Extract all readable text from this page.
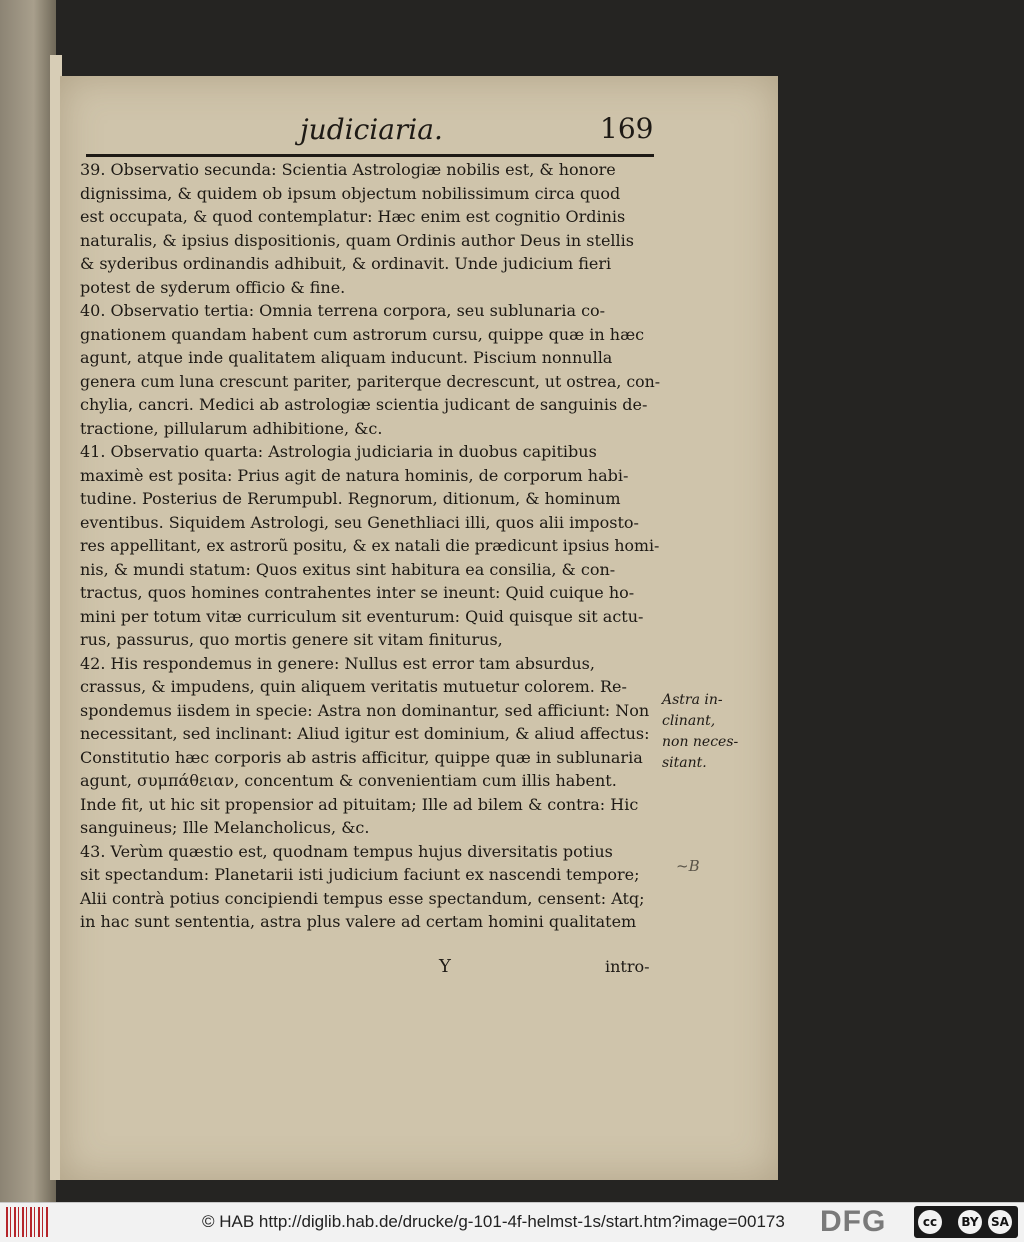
judiciaria.	169
39. Observatio secunda: Scientia Astrologiæ nobilis est, & honore
dignissima, & quidem ob ipsum objectum nobilissimum circa quod
est occupata, & quod contemplatur: Hæc enim est cognitio Ordinis
naturalis, & ipsius dispositionis, quam Ordinis author Deus in stellis
& syderibus ordinandis adhibuit, & ordinavit. Unde judicium fieri
potest de syderum officio & fine.
40. Observatio tertia: Omnia terrena corpora, seu sublunaria co-
gnationem quandam habent cum astrorum cursu, quippe quæ in hæc
agunt, atque inde qualitatem aliquam inducunt. Piscium nonnulla
genera cum luna crescunt pariter, pariterque decrescunt, ut ostrea, con-
chylia, cancri. Medici ab astrologiæ scientia judicant de sanguinis de-
tractione, pillularum adhibitione, &c.
41. Observatio quarta: Astrologia judiciaria in duobus capitibus
maximè est posita: Prius agit de natura hominis, de corporum habi-
tudine. Posterius de Rerumpubl. Regnorum, ditionum, & hominum
eventibus. Siquidem Astrologi, seu Genethliaci illi, quos alii imposto-
res appellitant, ex astrorũ positu, & ex natali die prædicunt ipsius homi-
nis, & mundi statum: Quos exitus sint habitura ea consilia, & con-
tractus, quos homines contrahentes inter se ineunt: Quid cuique ho-
mini per totum vitæ curriculum sit eventurum: Quid quisque sit actu-
rus, passurus, quo mortis genere sit vitam finiturus,
42. His respondemus in genere: Nullus est error tam absurdus,
crassus, & impudens, quin aliquem veritatis mutuetur colorem. Re-
spondemus iisdem in specie: Astra non dominantur, sed afficiunt: Non
necessitant, sed inclinant: Aliud igitur est dominium, & aliud affectus:
Constitutio hæc corporis ab astris afficitur, quippe quæ in sublunaria
agunt, συμπάθειαν, concentum & convenientiam cum illis habent.
Inde fit, ut hic sit propensior ad pituitam; Ille ad bilem & contra: Hic
sanguineus; Ille Melancholicus, &c.
43. Verùm quæstio est, quodnam tempus hujus diversitatis potius
sit spectandum: Planetarii isti judicium faciunt ex nascendi tempore;
Alii contrà potius concipiendi tempus esse spectandum, censent: Atq;
in hac sunt sententia, astra plus valere ad certam homini qualitatem
Astra in-
clinant,
non neces-
sitant.
~B
Y	intro-
© HAB http://diglib.hab.de/drucke/g-101-4f-helmst-1s/start.htm?image=00173 DFG	cc	BY SA
